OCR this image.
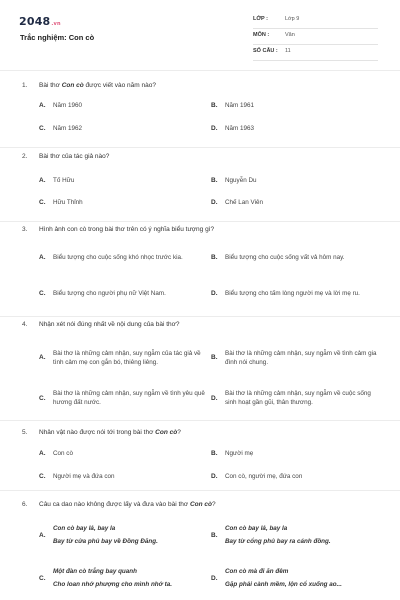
2048.vn
Trắc nghiệm: Con cò
LỚP :	Lớp 9
MÔN :	Văn
SỐ CÂU : 11
1. Bài thơ Con cò được viết vào năm nào?
A.	Năm 1960	B.	Năm 1961
C.	Năm 1962	D.	Năm 1963
2. Bài thơ của tác giả nào?
A.	Tố Hữu	B.	Nguyễn Du
C.	Hữu Thỉnh	D.	Chế Lan Viên
3. Hình ảnh con cò trong bài thơ trên có ý nghĩa biểu tượng gì?
A.	Biểu tượng cho cuộc sống khó nhọc trước kia.	B.	Biểu tượng cho cuộc sống vất vả hôm nay.
C.	Biểu tượng cho người phụ nữ Việt Nam.	D.	Biểu tượng cho tấm lòng người mẹ và lời mẹ ru.
4. Nhận xét nói đúng nhất về nội dung của bài thơ?
A.
Bài thơ là những cảm nhận, suy ngẫm của tác giả về tình cảm mẹ con gắn bó, thiêng liêng.
B.
Bài thơ là những cảm nhận, suy ngẫm về tình cảm gia đình nói chung.
C.
Bài thơ là những cảm nhận, suy ngẫm về tình yêu quê hương đất nước.
D.
Bài thơ là những cảm nhận, suy ngẫm về cuộc sống sinh hoạt gần gũi, thân thương.
5. Nhân vật nào được nói tới trong bài thơ Con cò?
A.	Con cò	B.	Người mẹ
C.	Người mẹ và đứa con	D.	Con cò, người mẹ, đứa con
6. Câu ca dao nào không được lấy và đưa vào bài thơ Con cò?
A.
Con cò bay lả, bay la
Bay từ cửa phủ bay về Đồng Đăng.
B.
Con cò bay lả, bay la
Bay từ cổng phủ bay ra cánh đồng.
C.
Một đàn cò trắng bay quanh
Cho loan nhớ phượng cho mình nhớ ta.
D.
Con cò mà đi ăn đêm
Gặp phải cành mềm, lộn cổ xuống ao...
